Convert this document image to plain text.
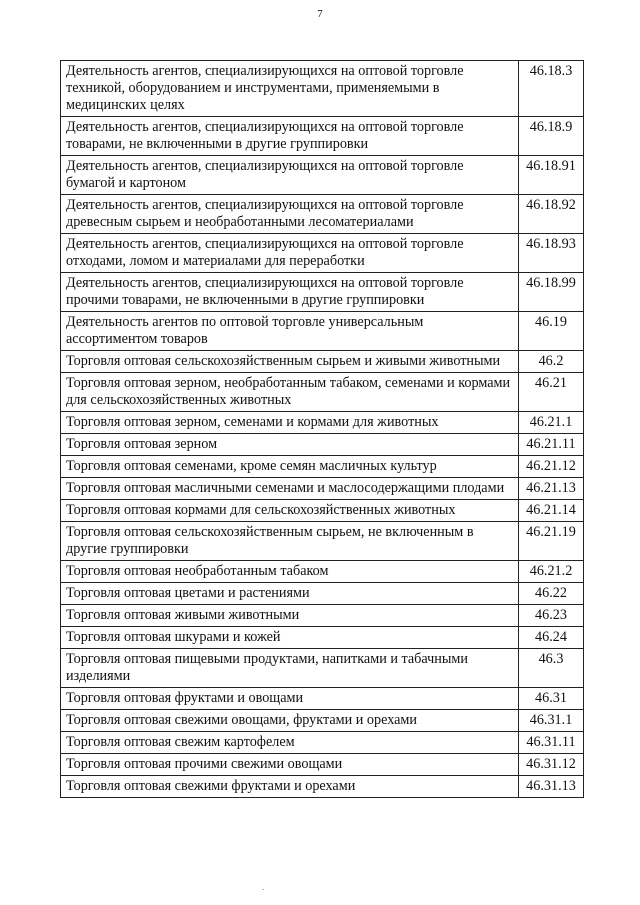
7
Деятельность агентов, специализирующихся на оптовой торговле техникой, оборудованием и инструментами, применяемыми в медицинских целях	46.18.3
Деятельность агентов, специализирующихся на оптовой торговле товарами, не включенными в другие группировки	46.18.9
Деятельность агентов, специализирующихся на оптовой торговле бумагой и картоном	46.18.91
Деятельность агентов, специализирующихся на оптовой торговле древесным сырьем и необработанными лесоматериалами	46.18.92
Деятельность агентов, специализирующихся на оптовой торговле отходами, ломом и материалами для переработки	46.18.93
Деятельность агентов, специализирующихся на оптовой торговле прочими товарами, не включенными в другие группировки	46.18.99
Деятельность агентов по оптовой торговле универсальным ассортиментом товаров	46.19
Торговля оптовая сельскохозяйственным сырьем и живыми животными	46.2
Торговля оптовая зерном, необработанным табаком, семенами и кормами для сельскохозяйственных животных	46.21
Торговля оптовая зерном, семенами и кормами для животных	46.21.1
Торговля оптовая зерном	46.21.11
Торговля оптовая семенами, кроме семян масличных культур	46.21.12
Торговля оптовая масличными семенами и маслосодержащими плодами	46.21.13
Торговля оптовая кормами для сельскохозяйственных животных	46.21.14
Торговля оптовая сельскохозяйственным сырьем, не включенным в другие группировки	46.21.19
Торговля оптовая необработанным табаком	46.21.2
Торговля оптовая цветами и растениями	46.22
Торговля оптовая живыми животными	46.23
Торговля оптовая шкурами и кожей	46.24
Торговля оптовая пищевыми продуктами, напитками и табачными изделиями	46.3
Торговля оптовая фруктами и овощами	46.31
Торговля оптовая свежими овощами, фруктами и орехами	46.31.1
Торговля оптовая свежим картофелем	46.31.11
Торговля оптовая прочими свежими овощами	46.31.12
Торговля оптовая свежими фруктами и орехами	46.31.13
